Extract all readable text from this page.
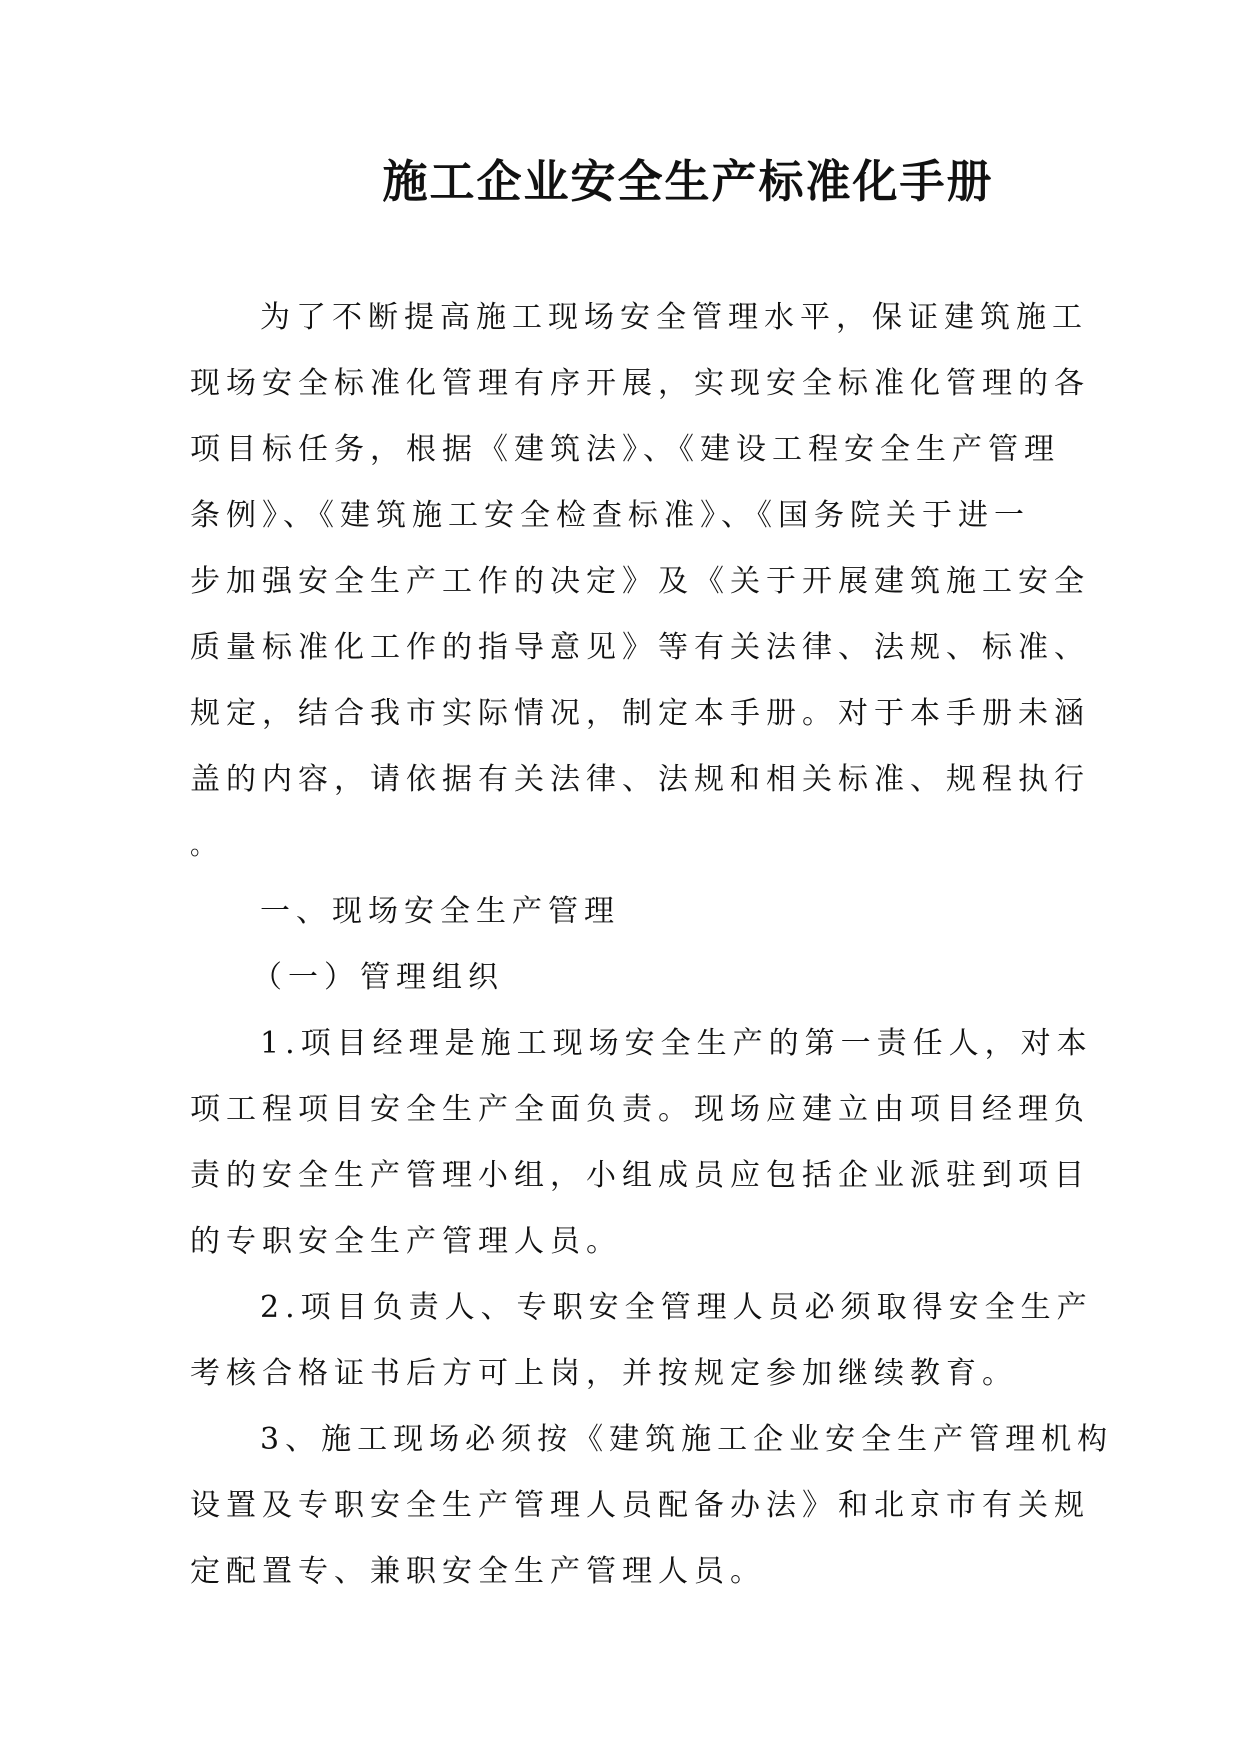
施工企业安全生产标准化手册
为了不断提高施工现场安全管理水平，保证建筑施工
现场安全标准化管理有序开展，实现安全标准化管理的各
项目标任务，根据《建筑法》、《建设工程安全生产管理
条例》、《建筑施工安全检查标准》、《国务院关于进一
步加强安全生产工作的决定》及《关于开展建筑施工安全
质量标准化工作的指导意见》等有关法律、法规、标准、
规定，结合我市实际情况，制定本手册。对于本手册未涵
盖的内容，请依据有关法律、法规和相关标准、规程执行
。
一、现场安全生产管理
（一）管理组织
1.项目经理是施工现场安全生产的第一责任人，对本
项工程项目安全生产全面负责。现场应建立由项目经理负
责的安全生产管理小组，小组成员应包括企业派驻到项目
的专职安全生产管理人员。
2.项目负责人、专职安全管理人员必须取得安全生产
考核合格证书后方可上岗，并按规定参加继续教育。
3、施工现场必须按《建筑施工企业安全生产管理机构
设置及专职安全生产管理人员配备办法》和北京市有关规
定配置专、兼职安全生产管理人员。
